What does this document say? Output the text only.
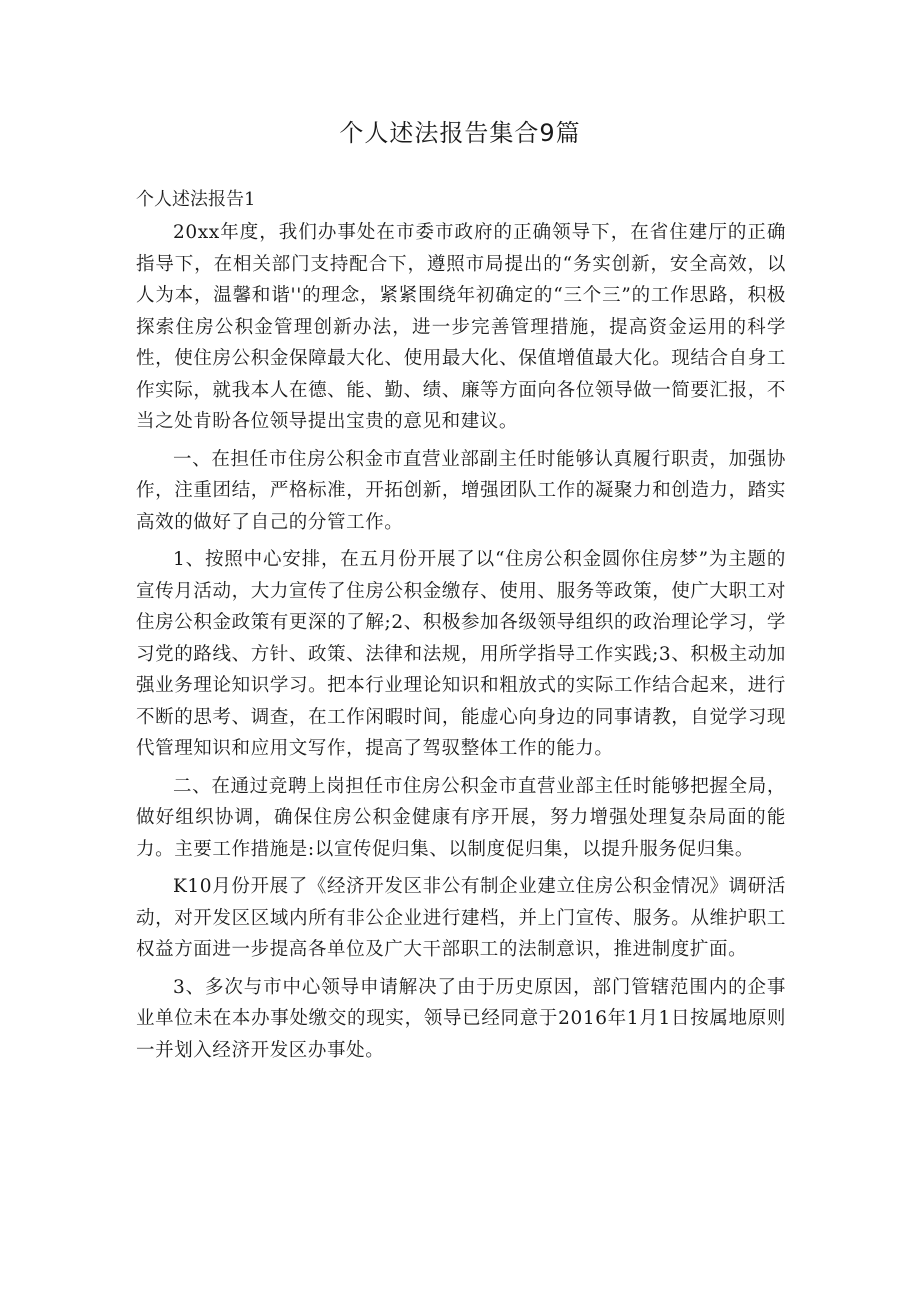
个人述法报告集合9篇

个人述法报告1

20xx年度，我们办事处在市委市政府的正确领导下，在省住建厅的正确指导下，在相关部门支持配合下，遵照市局提出的“务实创新，安全高效，以人为本，温馨和谐''的理念，紧紧围绕年初确定的“三个三”的工作思路，积极探索住房公积金管理创新办法，进一步完善管理措施，提高资金运用的科学性，使住房公积金保障最大化、使用最大化、保值增值最大化。现结合自身工作实际，就我本人在德、能、勤、绩、廉等方面向各位领导做一简要汇报，不当之处肯盼各位领导提出宝贵的意见和建议。

一、在担任市住房公积金市直营业部副主任时能够认真履行职责，加强协作，注重团结，严格标准，开拓创新，增强团队工作的凝聚力和创造力，踏实高效的做好了自己的分管工作。

1、按照中心安排，在五月份开展了以“住房公积金圆你住房梦”为主题的宣传月活动，大力宣传了住房公积金缴存、使用、服务等政策，使广大职工对住房公积金政策有更深的了解;2、积极参加各级领导组织的政治理论学习，学习党的路线、方针、政策、法律和法规，用所学指导工作实践;3、积极主动加强业务理论知识学习。把本行业理论知识和粗放式的实际工作结合起来，进行不断的思考、调查，在工作闲暇时间，能虚心向身边的同事请教，自觉学习现代管理知识和应用文写作，提高了驾驭整体工作的能力。

二、在通过竞聘上岗担任市住房公积金市直营业部主任时能够把握全局，做好组织协调，确保住房公积金健康有序开展，努力增强处理复杂局面的能力。主要工作措施是:以宣传促归集、以制度促归集，以提升服务促归集。

K10月份开展了《经济开发区非公有制企业建立住房公积金情况》调研活动，对开发区区域内所有非公企业进行建档，并上门宣传、服务。从维护职工权益方面进一步提高各单位及广大干部职工的法制意识，推进制度扩面。

3、多次与市中心领导申请解决了由于历史原因，部门管辖范围内的企事业单位未在本办事处缴交的现实，领导已经同意于2016年1月1日按属地原则一并划入经济开发区办事处。
